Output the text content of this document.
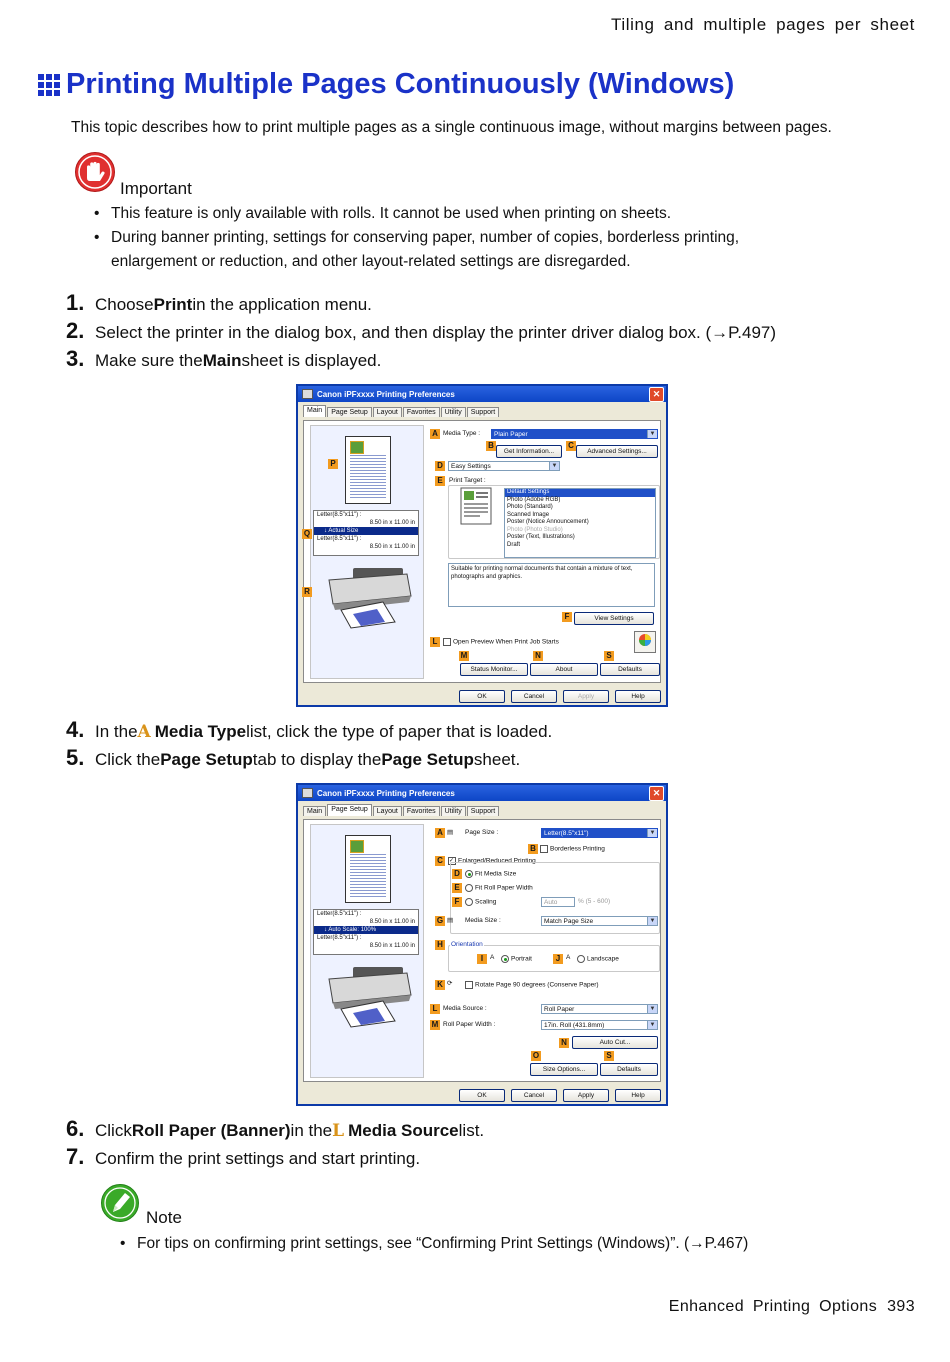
Tiling and multiple pages per sheet
Printing Multiple Pages Continuously (Windows)
This topic describes how to print multiple pages as a single continuous image, without margins between pages.
Important
• This feature is only available with rolls. It cannot be used when printing on sheets.
• During banner printing, settings for conserving paper, number of copies, borderless printing,
enlargement or reduction, and other layout-related settings are disregarded.
1. Choose Print in the application menu.
2. Select the printer in the dialog box, and then display the printer driver dialog box. (→P.497)
3. Make sure the Main sheet is displayed.
Canon iPFxxxx Printing Preferences	✕
Main	Page Setup	Layout	Favorites	Utility	Support
Letter(8.5"x11") :
8.50 in x 11.00 in
↓ Actual Size
Letter(8.5"x11") :
8.50 in x 11.00 in
P
Q
R
A Media Type :	Plain Paper	▼
B
Get Information...
C
Advanced Settings...
D	Easy Settings	▼
E Print Target :
Default Settings
Photo (Adobe RGB)
Photo (Standard)
Scanned Image
Poster (Notice Announcement)
Photo (Photo Studio)
Poster (Text, Illustrations)
Draft
Suitable for printing normal documents that contain a mixture of text, photographs and graphics.
F	View Settings
L	Open Preview When Print Job Starts
M	N	S
Status Monitor...	About	Defaults
OK	Cancel	Apply	Help
4. In the A Media Type list, click the type of paper that is loaded.
5. Click the Page Setup tab to display the Page Setup sheet.
Canon iPFxxxx Printing Preferences	✕
Main	Page Setup	Layout	Favorites	Utility	Support
Letter(8.5"x11") :
8.50 in x 11.00 in
↓ Auto Scale: 100%
Letter(8.5"x11") :
8.50 in x 11.00 in
A ▤ Page Size :	Letter(8.5"x11")	▼
B	Borderless Printing
C
✓	Enlarged/Reduced Printing
D	Fit Media Size
E	Fit Roll Paper Width
F	Scaling	Auto	% (5 - 600)
G ▤ Media Size :	Match Page Size	▼
H	Orientation
I	A	Portrait	J A	Landscape
K ⟳	Rotate Page 90 degrees (Conserve Paper)
L Media Source :	Roll Paper	▼
M Roll Paper Width :	17in. Roll (431.8mm)	▼
N	Auto Cut...
O	S
Size Options...	Defaults
OK	Cancel	Apply	Help
6. Click Roll Paper (Banner) in the L Media Source list.
7. Confirm the print settings and start printing.
Note
• For tips on confirming print settings, see “Confirming Print Settings (Windows)”. (→P.467)
Enhanced Printing Options 393
